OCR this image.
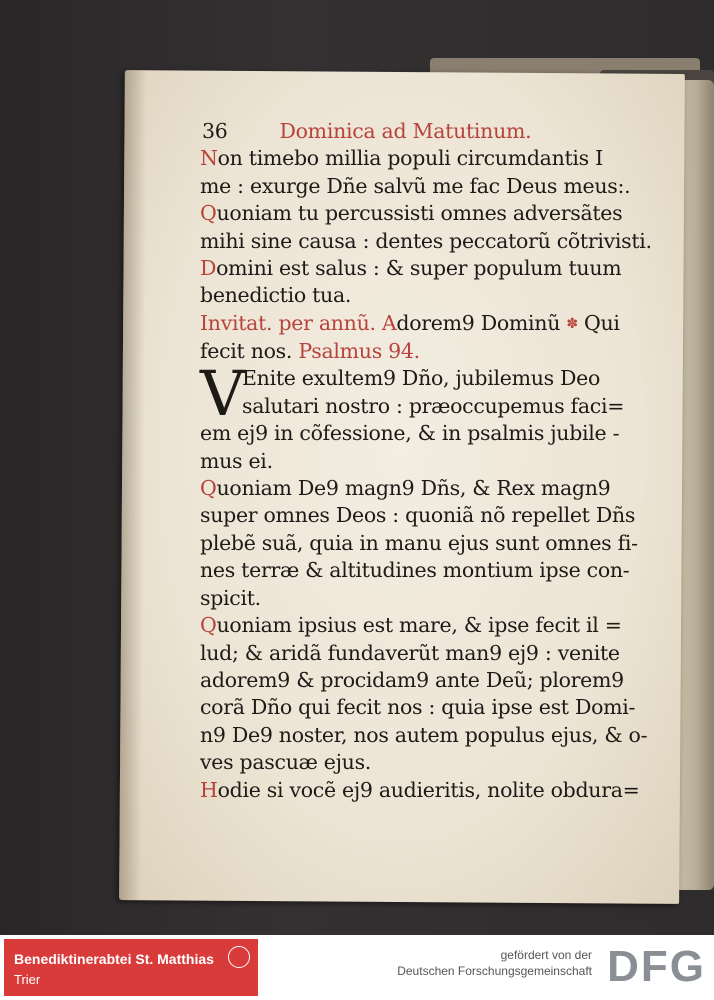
36	Dominica ad Matutinum.
Non timebo millia populi circumdantis I
me : exurge Dñe salvũ me fac Deus meus:.
Quoniam tu percussisti omnes adversãtes
mihi sine causa : dentes peccatorũ cõtrivisti.
Domini est salus : & super populum tuum
benedictio tua.
Invitat. per annũ. Adorem9 Dominũ ✽ Qui
fecit nos. Psalmus 94.
V
Enite exultem9 Dño, jubilemus Deo
salutari nostro : præoccupemus faci=
em ej9 in cõfessione, & in psalmis jubile -
mus ei.
Quoniam De9 magn9 Dñs, & Rex magn9
super omnes Deos : quoniã nõ repellet Dñs
plebẽ suã, quia in manu ejus sunt omnes fi-
nes terræ & altitudines montium ipse con-
spicit.
Quoniam ipsius est mare, & ipse fecit il =
lud; & aridã fundaverũt man9 ej9 : venite
adorem9 & procidam9 ante Deũ; plorem9
corã Dño qui fecit nos : quia ipse est Domi-
n9 De9 noster, nos autem populus ejus, & o-
ves pascuæ ejus.
Hodie si vocẽ ej9 audieritis, nolite obdura=
Benediktinerabtei St. Matthias
Trier
gefördert von der
Deutschen Forschungsgemeinschaft DFG
